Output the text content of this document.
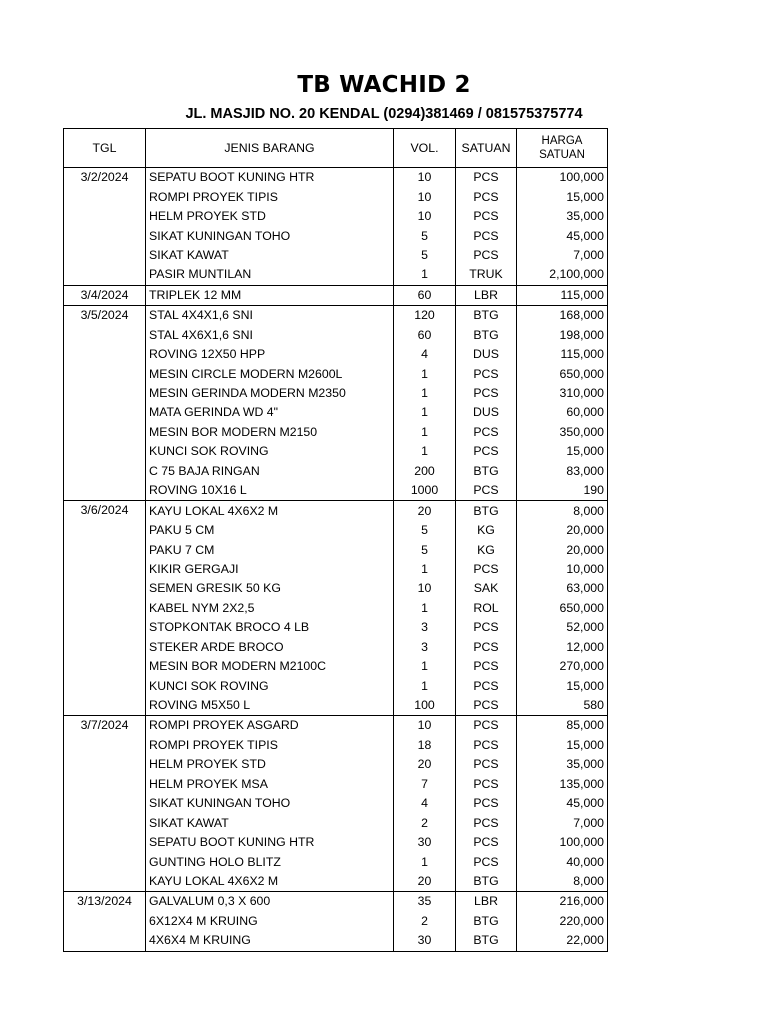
TB WACHID 2
JL. MASJID NO. 20 KENDAL (0294)381469 / 081575375774
TGL	JENIS BARANG	VOL.	SATUAN	HARGA
SATUAN
3/2/2024	SEPATU BOOT KUNING HTR	10	PCS	100,000
	ROMPI PROYEK TIPIS	10	PCS	15,000
	HELM PROYEK STD	10	PCS	35,000
	SIKAT KUNINGAN TOHO	5	PCS	45,000
	SIKAT KAWAT	5	PCS	7,000
	PASIR MUNTILAN	1	TRUK	2,100,000
3/4/2024	TRIPLEK 12 MM	60	LBR	115,000
3/5/2024	STAL 4X4X1,6 SNI	120	BTG	168,000
	STAL 4X6X1,6 SNI	60	BTG	198,000
	ROVING 12X50 HPP	4	DUS	115,000
	MESIN CIRCLE MODERN M2600L	1	PCS	650,000
	MESIN GERINDA MODERN M2350	1	PCS	310,000
	MATA GERINDA WD 4"	1	DUS	60,000
	MESIN BOR MODERN M2150	1	PCS	350,000
	KUNCI SOK ROVING	1	PCS	15,000
	C 75 BAJA RINGAN	200	BTG	83,000
	ROVING 10X16 L	1000	PCS	190
3/6/2024	KAYU LOKAL 4X6X2 M	20	BTG	8,000
	PAKU 5 CM	5	KG	20,000
	PAKU 7 CM	5	KG	20,000
	KIKIR GERGAJI	1	PCS	10,000
	SEMEN GRESIK 50 KG	10	SAK	63,000
	KABEL NYM 2X2,5	1	ROL	650,000
	STOPKONTAK BROCO 4 LB	3	PCS	52,000
	STEKER ARDE BROCO	3	PCS	12,000
	MESIN BOR MODERN M2100C	1	PCS	270,000
	KUNCI SOK ROVING	1	PCS	15,000
	ROVING M5X50 L	100	PCS	580
3/7/2024	ROMPI PROYEK ASGARD	10	PCS	85,000
	ROMPI PROYEK TIPIS	18	PCS	15,000
	HELM PROYEK STD	20	PCS	35,000
	HELM PROYEK MSA	7	PCS	135,000
	SIKAT KUNINGAN TOHO	4	PCS	45,000
	SIKAT KAWAT	2	PCS	7,000
	SEPATU BOOT KUNING HTR	30	PCS	100,000
	GUNTING HOLO BLITZ	1	PCS	40,000
	KAYU LOKAL 4X6X2 M	20	BTG	8,000
3/13/2024	GALVALUM 0,3 X 600	35	LBR	216,000
	6X12X4 M KRUING	2	BTG	220,000
	4X6X4 M KRUING	30	BTG	22,000
